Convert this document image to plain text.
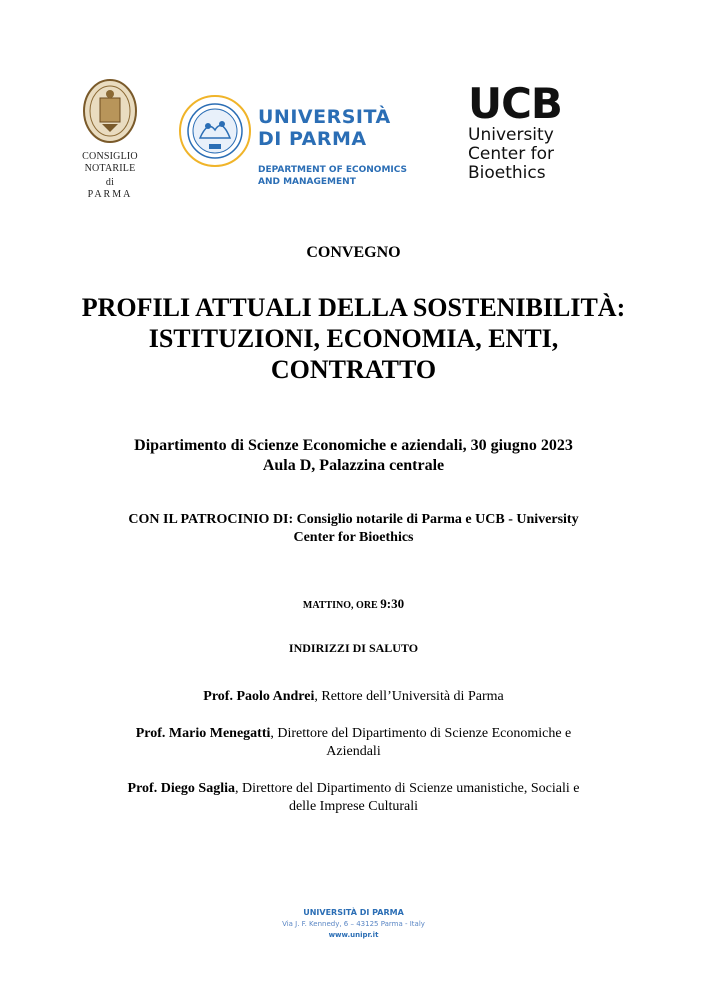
CONSIGLIO NOTARILE
di
PARMA
UNIVERSITÀ
DI PARMA
DEPARTMENT OF ECONOMICS
AND MANAGEMENT
UCB
University
Center for
Bioethics
CONVEGNO
PROFILI ATTUALI DELLA SOSTENIBILITÀ:
ISTITUZIONI, ECONOMIA, ENTI,
CONTRATTO
Dipartimento di Scienze Economiche e aziendali, 30 giugno 2023
Aula D, Palazzina centrale
CON IL PATROCINIO DI: Consiglio notarile di Parma e UCB - University
Center for Bioethics
MATTINO, ORE 9:30
INDIRIZZI DI SALUTO
Prof. Paolo Andrei, Rettore dell’Università di Parma
Prof. Mario Menegatti, Direttore del Dipartimento di Scienze Economiche e
Aziendali
Prof. Diego Saglia, Direttore del Dipartimento di Scienze umanistiche, Sociali e
delle Imprese Culturali
UNIVERSITÀ DI PARMA
Via J. F. Kennedy, 6 – 43125 Parma - Italy
www.unipr.it
